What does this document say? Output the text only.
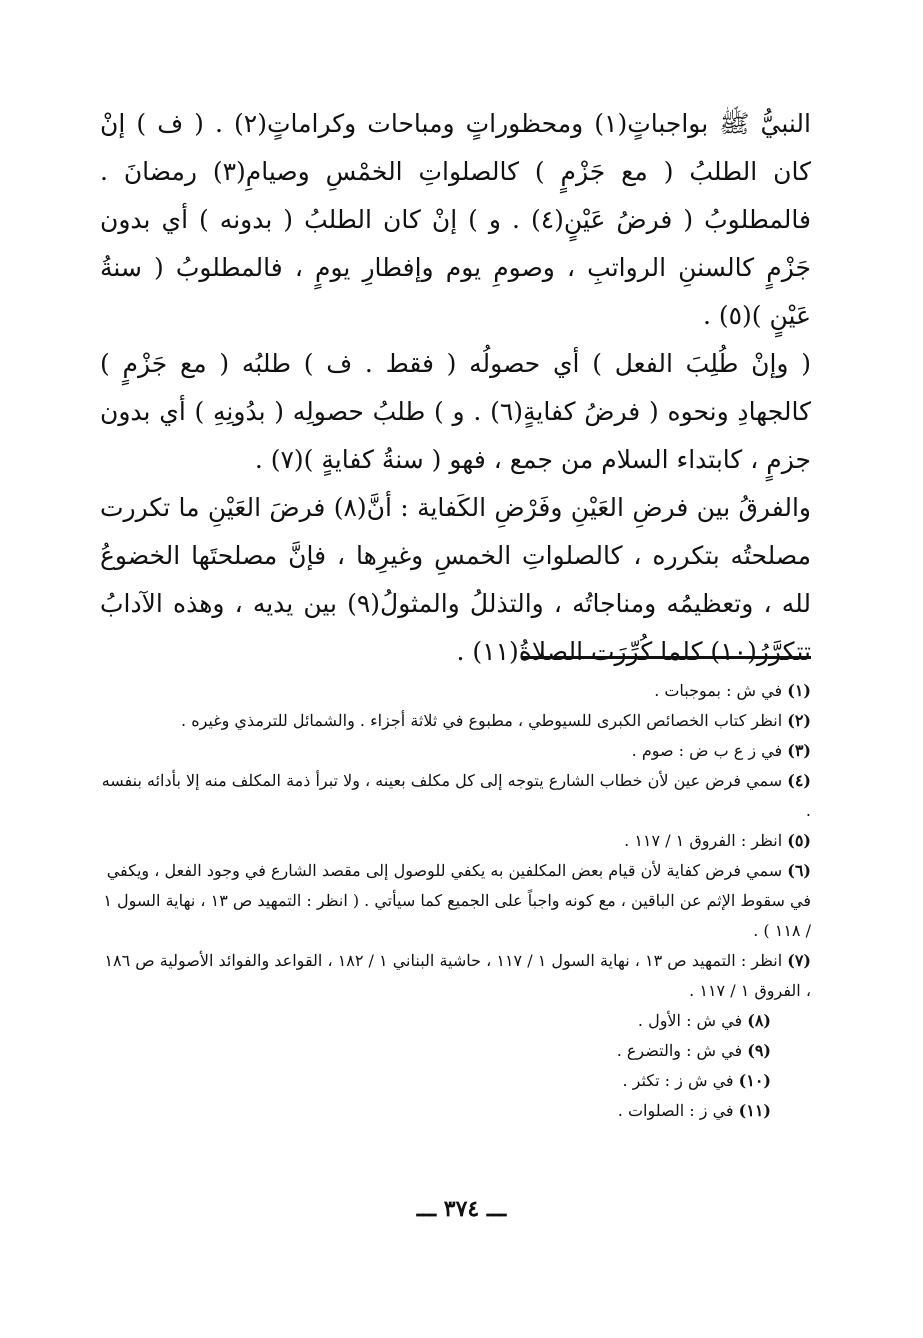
النبيُّ ﷺ بواجباتٍ(١) ومحظوراتٍ ومباحات وكراماتٍ(٢) . ( ف ) إنْ كان الطلبُ ( مع جَزْمٍ ) كالصلواتِ الخمْسِ وصيامِ(٣) رمضانَ . فالمطلوبُ ( فرضُ عَيْنٍ(٤) . و ) إنْ كان الطلبُ ( بدونه ) أي بدون جَزْمٍ كالسننِ الرواتبِ ، وصومِ يوم وإفطارِ يومٍ ، فالمطلوبُ ( سنةُ عَيْنٍ )(٥) .

( وإنْ طُلِبَ الفعل ) أي حصولُه ( فقط . ف ) طلبُه ( مع جَزْمٍ ) كالجهادِ ونحوه ( فرضُ كفايةٍ(٦) . و ) طلبُ حصولِه ( بدُونِهِ ) أي بدون جزمٍ ، كابتداء السلام من جمع ، فهو ( سنةُ كفايةٍ )(٧) .

والفرقُ بين فرضِ العَيْنِ وفَرْضِ الكَفاية : أنَّ(٨) فرضَ العَيْنِ ما تكررت مصلحتُه بتكرره ، كالصلواتِ الخمسِ وغيرِها ، فإنَّ مصلحتَها الخضوعُ لله ، وتعظيمُه ومناجاتُه ، والتذللُ والمثولُ(٩) بين يديه ، وهذه الآدابُ تتكرَّرُ(١٠) كلما كُرِّرَت الصلاةُ(١١) .

(١) في ش : بموجبات .

(٢) انظر كتاب الخصائص الكبرى للسيوطي ، مطبوع في ثلاثة أجزاء . والشمائل للترمذي وغيره .

(٣) في ز ع ب ض : صوم .

(٤) سمي فرض عين لأن خطاب الشارع يتوجه إلى كل مكلف بعينه ، ولا تبرأ ذمة المكلف منه إلا بأدائه بنفسه .

(٥) انظر : الفروق ١ / ١١٧ .

(٦) سمي فرض كفاية لأن قيام بعض المكلفين به يكفي للوصول إلى مقصد الشارع في وجود الفعل ، ويكفي في سقوط الإثم عن الباقين ، مع كونه واجباً على الجميع كما سيأتي . ( انظر : التمهيد ص ١٣ ، نهاية السول ١ / ١١٨ ) .

(٧) انظر : التمهيد ص ١٣ ، نهاية السول ١ / ١١٧ ، حاشية البناني ١ / ١٨٢ ، القواعد والفوائد الأصولية ص ١٨٦ ، الفروق ١ / ١١٧ .

(٨) في ش : الأول .

(٩) في ش : والتضرع .

(١٠) في ش ز : تكثر .

(١١) في ز : الصلوات .

ـــ ٣٧٤ ـــ
